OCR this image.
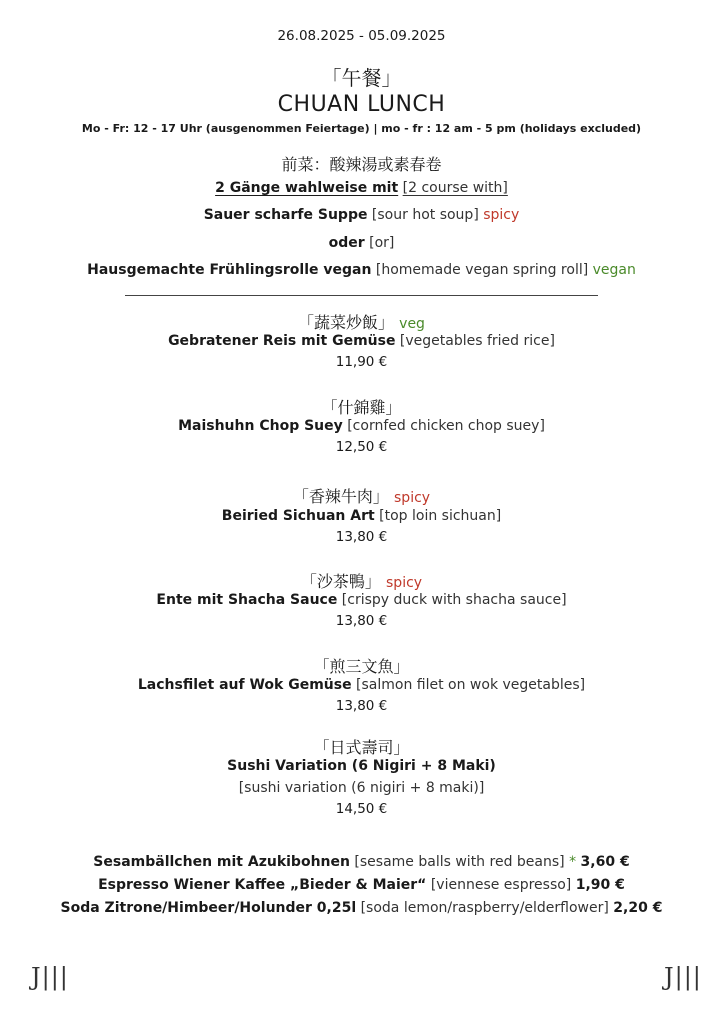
26.08.2025 - 05.09.2025
「午餐」
CHUAN LUNCH
Mo - Fr: 12 - 17 Uhr (ausgenommen Feiertage) | mo - fr : 12 am - 5 pm (holidays excluded)
前菜：酸辣湯或素春卷
2 Gänge wahlweise mit [2 course with]
Sauer scharfe Suppe [sour hot soup] spicy
oder [or]
Hausgemachte Frühlingsrolle vegan [homemade vegan spring roll] vegan
「蔬菜炒飯」 veg
Gebratener Reis mit Gemüse [vegetables fried rice]
11,90 €
「什錦雞」
Maishuhn Chop Suey [cornfed chicken chop suey]
12,50 €
「香辣牛肉」 spicy
Beiried Sichuan Art [top loin sichuan]
13,80 €
「沙茶鴨」 spicy
Ente mit Shacha Sauce [crispy duck with shacha sauce]
13,80 €
「煎三文魚」
Lachsfilet auf Wok Gemüse [salmon filet on wok vegetables]
13,80 €
「日式壽司」
Sushi Variation (6 Nigiri + 8 Maki)
[sushi variation (6 nigiri + 8 maki)]
14,50 €
Sesambällchen mit Azukibohnen [sesame balls with red beans] * 3,60 €
Espresso Wiener Kaffee „Bieder & Maier“ [viennese espresso] 1,90 €
Soda Zitrone/Himbeer/Holunder 0,25l [soda lemon/raspberry/elderflower] 2,20 €
J|||	J|||
